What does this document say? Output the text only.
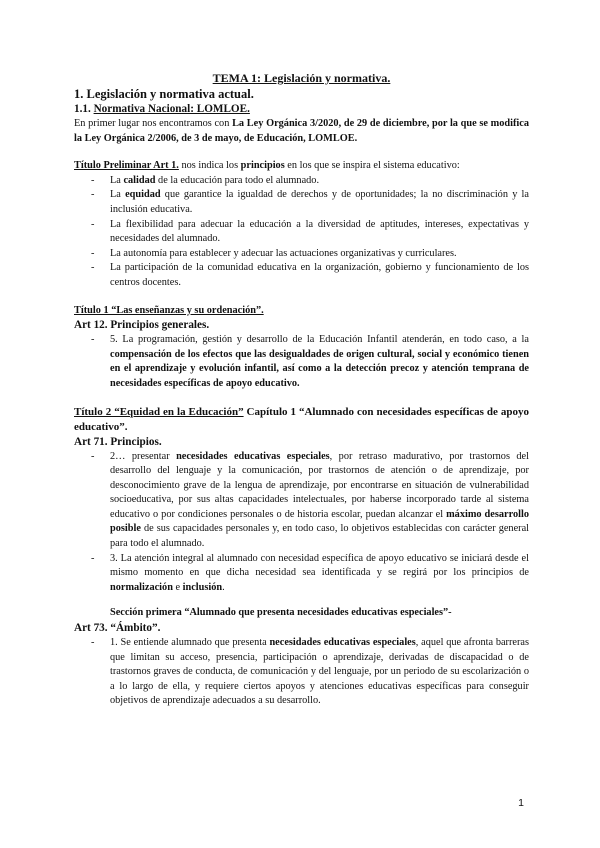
TEMA 1: Legislación y normativa.

1. Legislación y normativa actual.

1.1. Normativa Nacional: LOMLOE.

En primer lugar nos encontramos con La Ley Orgánica 3/2020, de 29 de diciembre, por la que se modifica la Ley Orgánica 2/2006, de 3 de mayo, de Educación, LOMLOE.

Título Preliminar Art 1. nos indica los principios en los que se inspira el sistema educativo:

- La calidad de la educación para todo el alumnado.
- La equidad que garantice la igualdad de derechos y de oportunidades; la no discriminación y la inclusión educativa.
- La flexibilidad para adecuar la educación a la diversidad de aptitudes, intereses, expectativas y necesidades del alumnado.
- La autonomía para establecer y adecuar las actuaciones organizativas y curriculares.
- La participación de la comunidad educativa en la organización, gobierno y funcionamiento de los centros docentes.

Título 1 “Las enseñanzas y su ordenación”.

Art 12. Principios generales.

- 5. La programación, gestión y desarrollo de la Educación Infantil atenderán, en todo caso, a la compensación de los efectos que las desigualdades de origen cultural, social y económico tienen en el aprendizaje y evolución infantil, así como a la detección precoz y atención temprana de necesidades específicas de apoyo educativo.

Título 2 “Equidad en la Educación” Capítulo 1 “Alumnado con necesidades específicas de apoyo educativo”.

Art 71. Principios.

- 2… presentar necesidades educativas especiales, por retraso madurativo, por trastornos del desarrollo del lenguaje y la comunicación, por trastornos de atención o de aprendizaje, por desconocimiento grave de la lengua de aprendizaje, por encontrarse en situación de vulnerabilidad socioeducativa, por sus altas capacidades intelectuales, por haberse incorporado tarde al sistema educativo o por condiciones personales o de historia escolar, puedan alcanzar el máximo desarrollo posible de sus capacidades personales y, en todo caso, lo objetivos establecidas con carácter general para todo el alumnado.
- 3. La atención integral al alumnado con necesidad específica de apoyo educativo se iniciará desde el mismo momento en que dicha necesidad sea identificada y se regirá por los principios de normalización e inclusión.

Sección primera “Alumnado que presenta necesidades educativas especiales”-

Art 73. “Ámbito”.

- 1. Se entiende alumnado que presenta necesidades educativas especiales, aquel que afronta barreras que limitan su acceso, presencia, participación o aprendizaje, derivadas de discapacidad o de trastornos graves de conducta, de comunicación y del lenguaje, por un periodo de su escolarización o a lo largo de ella, y requiere ciertos apoyos y atenciones educativas específicas para conseguir objetivos de aprendizaje adecuados a su desarrollo.
1
